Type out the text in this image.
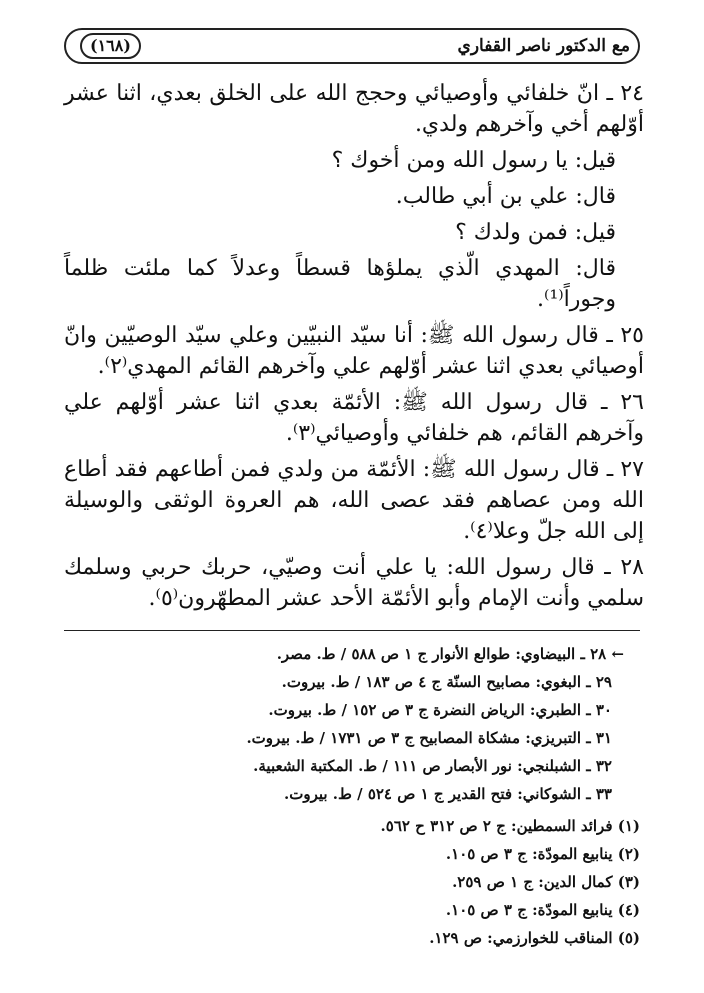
مع الدكتور ناصر القفاري
(١٦٨)

٢٤ ـ انّ خلفائي وأوصيائي وحجج الله على الخلق بعدي، اثنا عشر أوّلهم أخي وآخرهم ولدي.

قيل: يا رسول الله ومن أخوك ؟

قال: علي بن أبي طالب.

قيل: فمن ولدك ؟

قال: المهدي الّذي يملؤها قسطاً وعدلاً كما ملئت ظلماً وجوراً⁽¹⁾.

٢٥ ـ قال رسول الله ﷺ: أنا سيّد النبيّين وعلي سيّد الوصيّين وانّ أوصيائي بعدي اثنا عشر أوّلهم علي وآخرهم القائم المهدي⁽٢⁾.

٢٦ ـ قال رسول الله ﷺ: الأئمّة بعدي اثنا عشر أوّلهم علي وآخرهم القائم، هم خلفائي وأوصيائي⁽٣⁾.

٢٧ ـ قال رسول الله ﷺ: الأئمّة من ولدي فمن أطاعهم فقد أطاع الله ومن عصاهم فقد عصى الله، هم العروة الوثقى والوسيلة إلى الله جلّ وعلا⁽٤⁾.

٢٨ ـ قال رسول الله: يا علي أنت وصيّي، حربك حربي وسلمك سلمي وأنت الإمام وأبو الأئمّة الأحد عشر المطهّرون⁽٥⁾.

← ٢٨ ـ البيضاوي: طوالع الأنوار ج ١ ص ٥٨٨ / ط. مصر.
٢٩ ـ البغوي: مصابيح السنّة ج ٤ ص ١٨٣ / ط. بيروت.
٣٠ ـ الطبري: الرياض النضرة ج ٣ ص ١٥٢ / ط. بيروت.
٣١ ـ التبريزي: مشكاة المصابيح ج ٣ ص ١٧٣١ / ط. بيروت.
٣٢ ـ الشبلنجي: نور الأبصار ص ١١١ / ط. المكتبة الشعبية.
٣٣ ـ الشوكاني: فتح القدير ج ١ ص ٥٢٤ / ط. بيروت.
(١) فرائد السمطين: ج ٢ ص ٣١٢ ح ٥٦٢.
(٢) ينابيع المودّة: ج ٣ ص ١٠٥.
(٣) كمال الدين: ج ١ ص ٢٥٩.
(٤) ينابيع المودّة: ج ٣ ص ١٠٥.
(٥) المناقب للخوارزمي: ص ١٢٩.
